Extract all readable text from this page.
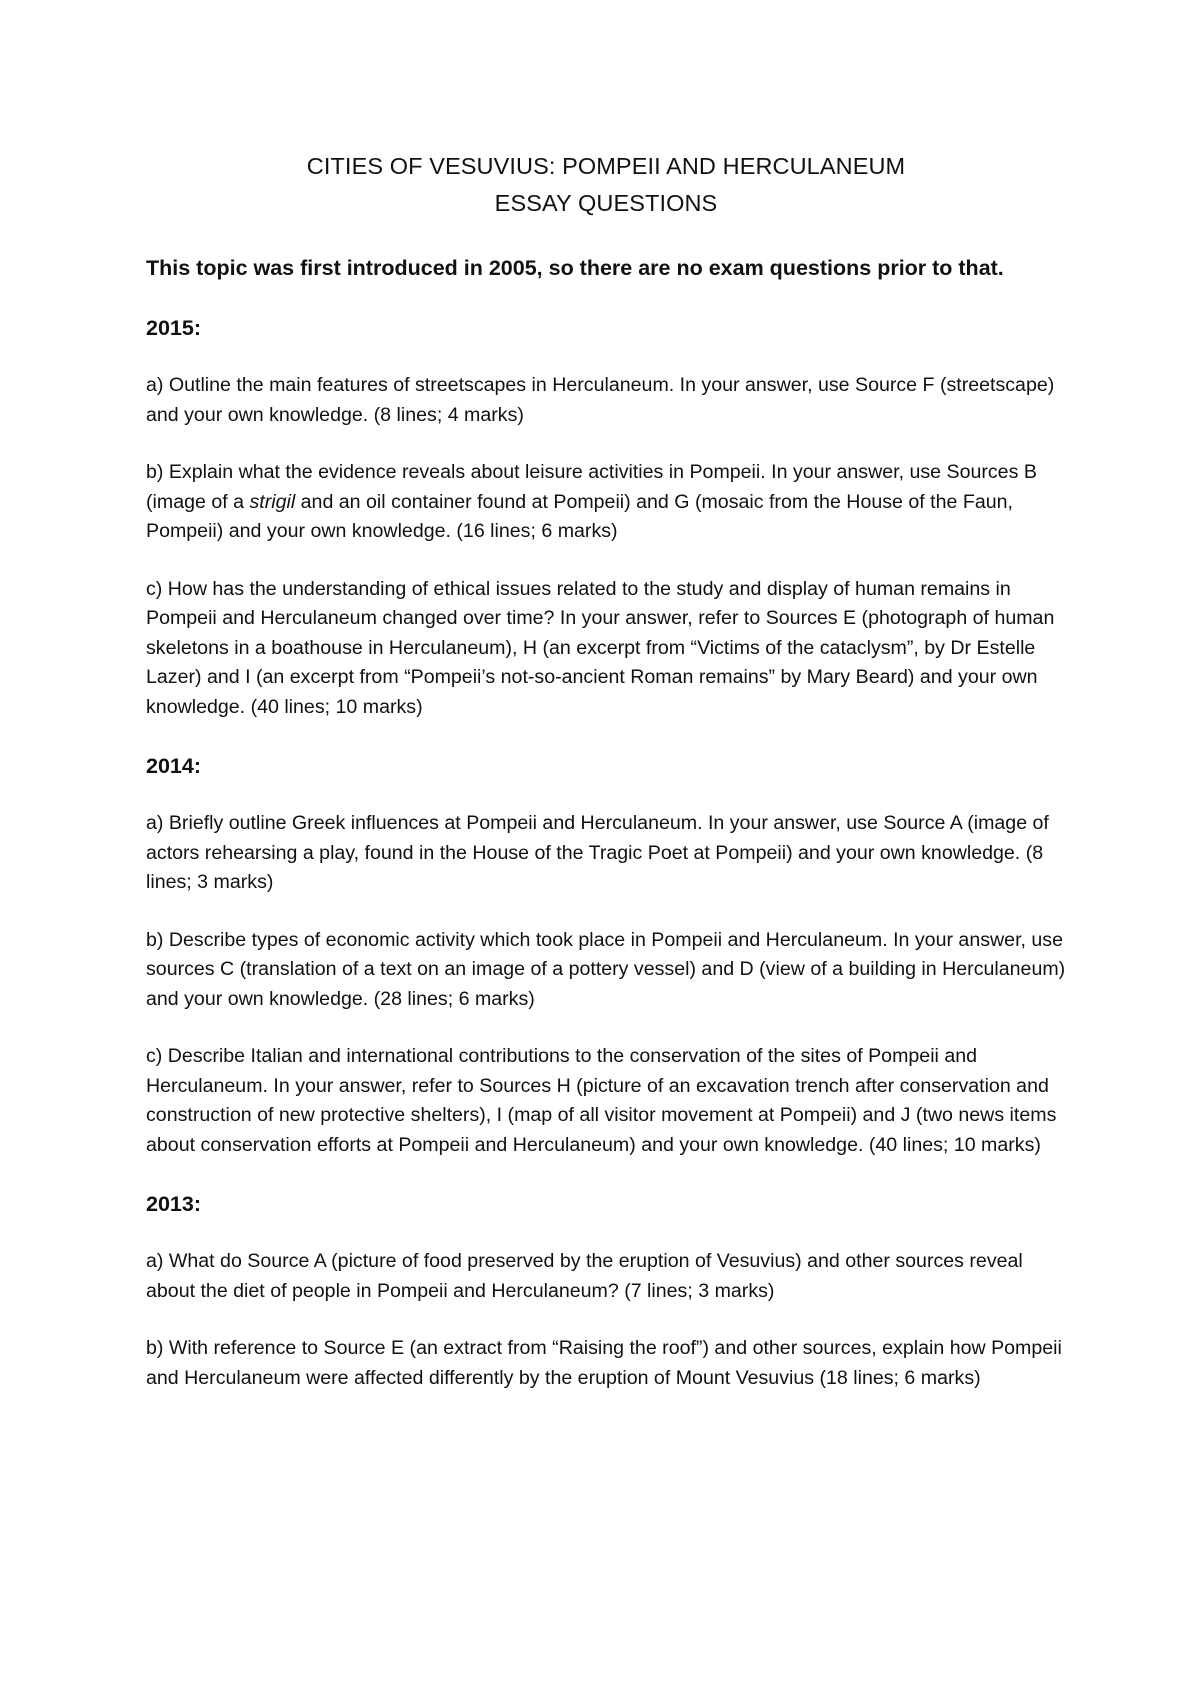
CITIES OF VESUVIUS: POMPEII AND HERCULANEUM
ESSAY QUESTIONS

This topic was first introduced in 2005, so there are no exam questions prior to that.

2015:

a) Outline the main features of streetscapes in Herculaneum. In your answer, use Source F (streetscape) and your own knowledge. (8 lines; 4 marks)

b) Explain what the evidence reveals about leisure activities in Pompeii. In your answer, use Sources B (image of a strigil and an oil container found at Pompeii) and G (mosaic from the House of the Faun, Pompeii) and your own knowledge. (16 lines; 6 marks)

c) How has the understanding of ethical issues related to the study and display of human remains in Pompeii and Herculaneum changed over time? In your answer, refer to Sources E (photograph of human skeletons in a boathouse in Herculaneum), H (an excerpt from “Victims of the cataclysm”, by Dr Estelle Lazer) and I (an excerpt from “Pompeii’s not-so-ancient Roman remains” by Mary Beard) and your own knowledge. (40 lines; 10 marks)

2014:

a) Briefly outline Greek influences at Pompeii and Herculaneum. In your answer, use Source A (image of actors rehearsing a play, found in the House of the Tragic Poet at Pompeii) and your own knowledge. (8 lines; 3 marks)

b) Describe types of economic activity which took place in Pompeii and Herculaneum. In your answer, use sources C (translation of a text on an image of a pottery vessel) and D (view of a building in Herculaneum) and your own knowledge. (28 lines; 6 marks)

c) Describe Italian and international contributions to the conservation of the sites of Pompeii and Herculaneum. In your answer, refer to Sources H (picture of an excavation trench after conservation and construction of new protective shelters), I (map of all visitor movement at Pompeii) and J (two news items about conservation efforts at Pompeii and Herculaneum) and your own knowledge. (40 lines; 10 marks)

2013:

a) What do Source A (picture of food preserved by the eruption of Vesuvius) and other sources reveal about the diet of people in Pompeii and Herculaneum? (7 lines; 3 marks)

b) With reference to Source E (an extract from “Raising the roof”) and other sources, explain how Pompeii and Herculaneum were affected differently by the eruption of Mount Vesuvius (18 lines; 6 marks)
